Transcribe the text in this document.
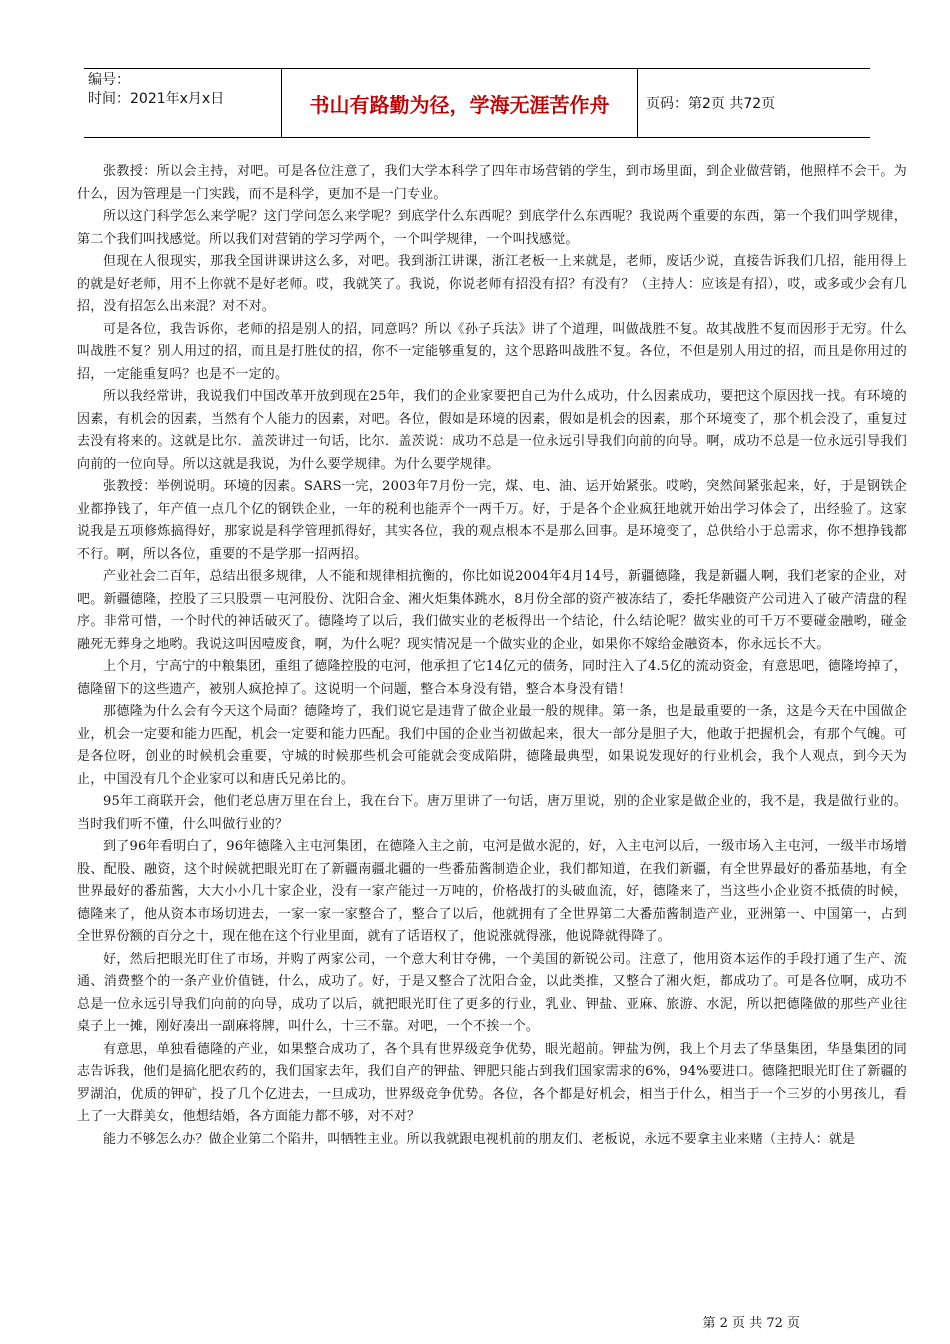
编号：
时间：2021年x月x日	书山有路勤为径，学海无涯苦作舟	页码：第2页 共72页

张教授：所以会主持，对吧。可是各位注意了，我们大学本科学了四年市场营销的学生，到市场里面，到企业做营销，他照样不会干。为什么，因为管理是一门实践，而不是科学，更加不是一门专业。

所以这门科学怎么来学呢？这门学问怎么来学呢？到底学什么东西呢？到底学什么东西呢？我说两个重要的东西，第一个我们叫学规律，第二个我们叫找感觉。所以我们对营销的学习学两个，一个叫学规律，一个叫找感觉。

但现在人很现实，那我全国讲课讲这么多，对吧。我到浙江讲课，浙江老板一上来就是，老师，废话少说，直接告诉我们几招，能用得上的就是好老师，用不上你就不是好老师。哎，我就笑了。我说，你说老师有招没有招？有没有？（主持人：应该是有招），哎，或多或少会有几招，没有招怎么出来混？对不对。

可是各位，我告诉你，老师的招是别人的招，同意吗？所以《孙子兵法》讲了个道理，叫做战胜不复。故其战胜不复而因形于无穷。什么叫战胜不复？别人用过的招，而且是打胜仗的招，你不一定能够重复的，这个思路叫战胜不复。各位，不但是别人用过的招，而且是你用过的招，一定能重复吗？也是不一定的。

所以我经常讲，我说我们中国改革开放到现在25年，我们的企业家要把自己为什么成功，什么因素成功，要把这个原因找一找。有环境的因素，有机会的因素，当然有个人能力的因素，对吧。各位，假如是环境的因素，假如是机会的因素，那个环境变了，那个机会没了，重复过去没有将来的。这就是比尔．盖茨讲过一句话，比尔．盖茨说：成功不总是一位永远引导我们向前的向导。啊，成功不总是一位永远引导我们向前的一位向导。所以这就是我说，为什么要学规律。为什么要学规律。

张教授：举例说明。环境的因素。SARS一完，2003年7月份一完，煤、电、油、运开始紧张。哎哟，突然间紧张起来，好，于是钢铁企业都挣钱了，年产值一点几个亿的钢铁企业，一年的税利也能弄个一两千万。好，于是各个企业疯狂地就开始出学习体会了，出经验了。这家说我是五项修炼搞得好，那家说是科学管理抓得好，其实各位，我的观点根本不是那么回事。是环境变了，总供给小于总需求，你不想挣钱都不行。啊，所以各位，重要的不是学那一招两招。

产业社会二百年，总结出很多规律，人不能和规律相抗衡的，你比如说2004年4月14号，新疆德隆，我是新疆人啊，我们老家的企业，对吧。新疆德隆，控股了三只股票－屯河股份、沈阳合金、湘火炬集体跳水，8月份全部的资产被冻结了，委托华融资产公司进入了破产清盘的程序。非常可惜，一个时代的神话破灭了。德隆垮了以后，我们做实业的老板得出一个结论，什么结论呢？做实业的可千万不要碰金融哟，碰金融死无葬身之地哟。我说这叫因噎废食，啊，为什么呢？现实情况是一个做实业的企业，如果你不嫁给金融资本，你永远长不大。

上个月，宁高宁的中粮集团，重组了德隆控股的屯河，他承担了它14亿元的债务，同时注入了4.5亿的流动资金，有意思吧，德隆垮掉了，德隆留下的这些遗产，被别人疯抢掉了。这说明一个问题，整合本身没有错，整合本身没有错！

那德隆为什么会有今天这个局面？德隆垮了，我们说它是违背了做企业最一般的规律。第一条，也是最重要的一条，这是今天在中国做企业，机会一定要和能力匹配，机会一定要和能力匹配。我们中国的企业当初做起来，很大一部分是胆子大，他敢于把握机会，有那个气魄。可是各位呀，创业的时候机会重要，守城的时候那些机会可能就会变成陷阱，德隆最典型，如果说发现好的行业机会，我个人观点，到今天为止，中国没有几个企业家可以和唐氏兄弟比的。

95年工商联开会，他们老总唐万里在台上，我在台下。唐万里讲了一句话，唐万里说，别的企业家是做企业的，我不是，我是做行业的。当时我们听不懂，什么叫做行业的？

到了96年看明白了，96年德隆入主屯河集团，在德隆入主之前，屯河是做水泥的，好，入主屯河以后，一级市场入主屯河，一级半市场增股、配股、融资，这个时候就把眼光盯在了新疆南疆北疆的一些番茄酱制造企业，我们都知道，在我们新疆，有全世界最好的番茄基地，有全世界最好的番茄酱，大大小小几十家企业，没有一家产能过一万吨的，价格战打的头破血流，好，德隆来了，当这些小企业资不抵债的时候，德隆来了，他从资本市场切进去，一家一家一家整合了，整合了以后，他就拥有了全世界第二大番茄酱制造产业，亚洲第一、中国第一，占到全世界份额的百分之十，现在他在这个行业里面，就有了话语权了，他说涨就得涨，他说降就得降了。

好，然后把眼光盯住了市场，并购了两家公司，一个意大利甘夺佛，一个美国的新锐公司。注意了，他用资本运作的手段打通了生产、流通、消费整个的一条产业价值链，什么，成功了。好，于是又整合了沈阳合金，以此类推，又整合了湘火炬，都成功了。可是各位啊，成功不总是一位永远引导我们向前的向导，成功了以后，就把眼光盯住了更多的行业，乳业、钾盐、亚麻、旅游、水泥，所以把德隆做的那些产业往桌子上一摊，刚好凑出一副麻将牌，叫什么，十三不靠。对吧，一个不挨一个。

有意思，单独看德隆的产业，如果整合成功了，各个具有世界级竞争优势，眼光超前。钾盐为例，我上个月去了华垦集团，华垦集团的同志告诉我，他们是搞化肥农药的，我们国家去年，我们自产的钾盐、钾肥只能占到我们国家需求的6%，94%要进口。德隆把眼光盯住了新疆的罗湖泊，优质的钾矿，投了几个亿进去，一旦成功，世界级竞争优势。各位，各个都是好机会，相当于什么，相当于一个三岁的小男孩儿，看上了一大群美女，他想结婚，各方面能力都不够，对不对？

能力不够怎么办？做企业第二个陷井，叫牺牲主业。所以我就跟电视机前的朋友们、老板说，永远不要拿主业来赌（主持人：就是

第 2 页 共 72 页
